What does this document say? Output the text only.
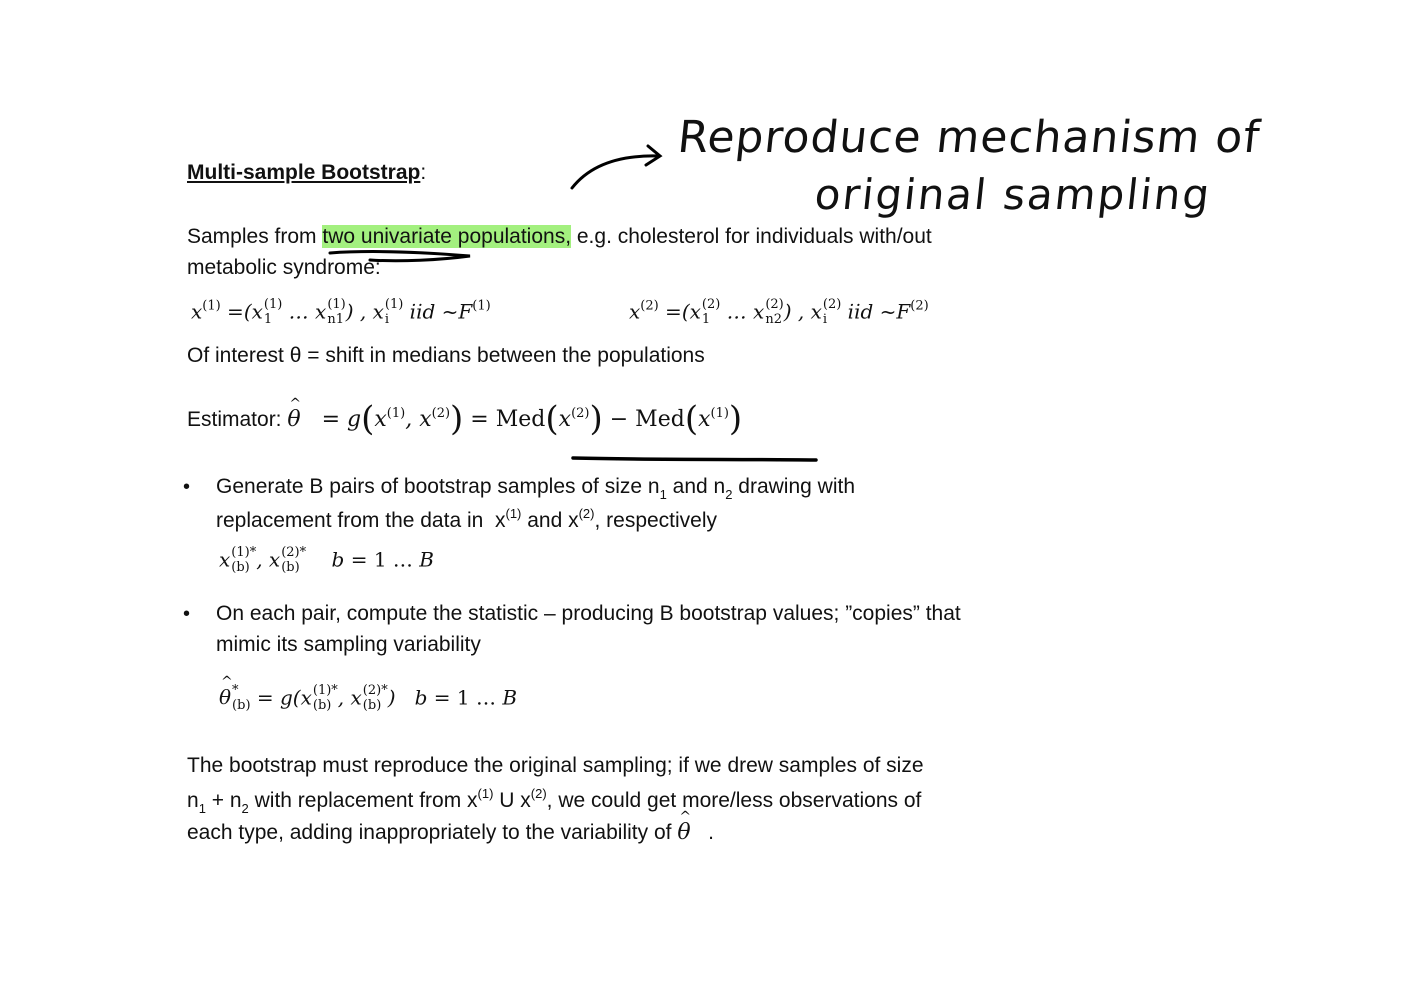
Reproduce mechanism of
original sampling
Multi-sample Bootstrap:
Samples from two univariate populations, e.g. cholesterol for individuals with/out
metabolic syndrome:
$x^{(1)} =(x$ (1)
1 … x (1)
n1 ) , x (1)
i iid $\sim F^{(1)}$	$x^{(2)} =(x$ (2)
1 … x (2)
n2 ) , x (2)
i iid $\sim F^{(2)}$
Of interest θ = shift in medians between the populations
Estimator: ^ $\theta = g(x^{(1)}$, $x^{(2)}) = Med(x^{(2)}) - Med(x^{(1)})$
• Generate B pairs of bootstrap samples of size $n_1$ and $n_2$ drawing with
replacement from the data in  $x^{(1)}$ and $x^{(2)}$, respectively
x (1)*
(b) , x (2)*
(b) b = 1 … B
• On each pair, compute the statistic – producing B bootstrap values; ”copies” that
mimic its sampling variability
^ θ *
(b) = g(x (1)*
(b) , x (2)*
(b) )   b = 1 … B
The bootstrap must reproduce the original sampling; if we drew samples of size
$n_1 + n_2$ with replacement from $x^{(1)}$ U $x^{(2)}$, we could get more/less observations of
each type, adding inappropriately to the variability of ^ θ   .
